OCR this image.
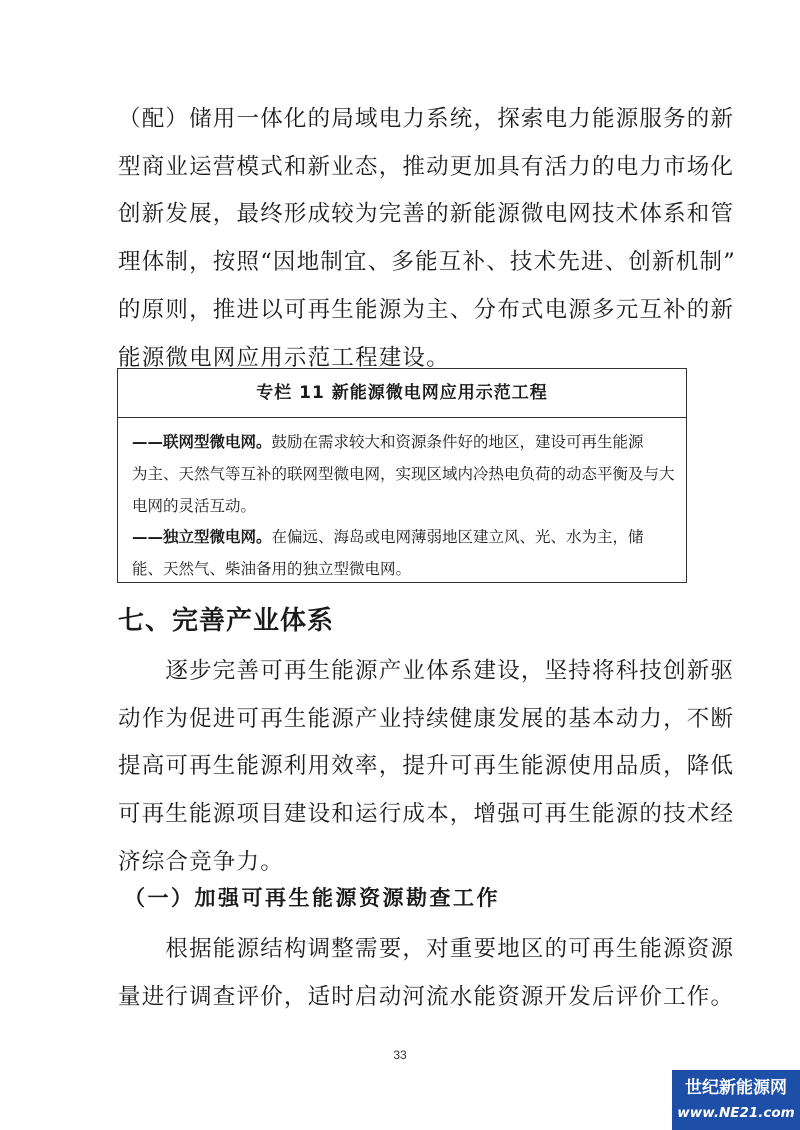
（配）储用一体化的局域电力系统，探索电力能源服务的新
型商业运营模式和新业态，推动更加具有活力的电力市场化
创新发展，最终形成较为完善的新能源微电网技术体系和管
理体制，按照“因地制宜、多能互补、技术先进、创新机制”
的原则，推进以可再生能源为主、分布式电源多元互补的新
能源微电网应用示范工程建设。
专栏 11 新能源微电网应用示范工程
——联网型微电网。鼓励在需求较大和资源条件好的地区，建设可再生能源
为主、天然气等互补的联网型微电网，实现区域内冷热电负荷的动态平衡及与大
电网的灵活互动。
——独立型微电网。在偏远、海岛或电网薄弱地区建立风、光、水为主，储
能、天然气、柴油备用的独立型微电网。
七、完善产业体系
　　逐步完善可再生能源产业体系建设，坚持将科技创新驱
动作为促进可再生能源产业持续健康发展的基本动力，不断
提高可再生能源利用效率，提升可再生能源使用品质，降低
可再生能源项目建设和运行成本，增强可再生能源的技术经
济综合竞争力。
（一）加强可再生能源资源勘查工作
　　根据能源结构调整需要，对重要地区的可再生能源资源
量进行调查评价，适时启动河流水能资源开发后评价工作。
33
世纪新能源网
www.NE21.com
